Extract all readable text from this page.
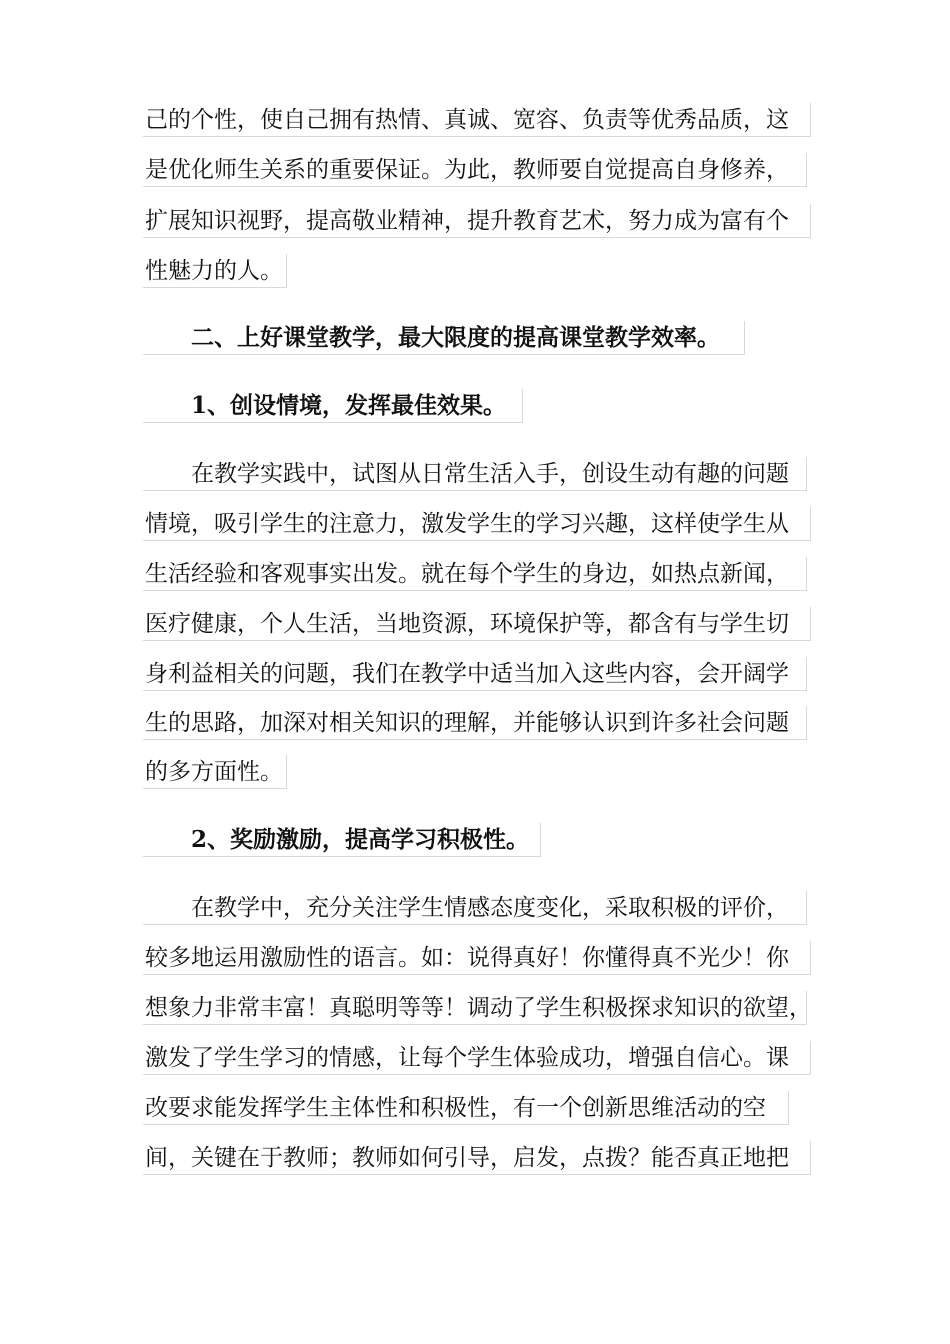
己的个性，使自己拥有热情、真诚、宽容、负责等优秀品质，这
是优化师生关系的重要保证。为此，教师要自觉提高自身修养，
扩展知识视野，提高敬业精神，提升教育艺术，努力成为富有个
性魅力的人。
　　二、上好课堂教学，最大限度的提高课堂教学效率。
　　1、创设情境，发挥最佳效果。
　　在教学实践中，试图从日常生活入手，创设生动有趣的问题
情境，吸引学生的注意力，激发学生的学习兴趣，这样使学生从
生活经验和客观事实出发。就在每个学生的身边，如热点新闻，
医疗健康，个人生活，当地资源，环境保护等，都含有与学生切
身利益相关的问题，我们在教学中适当加入这些内容，会开阔学
生的思路，加深对相关知识的理解，并能够认识到许多社会问题
的多方面性。
　　2、奖励激励，提高学习积极性。
　　在教学中，充分关注学生情感态度变化，采取积极的评价，
较多地运用激励性的语言。如：说得真好！你懂得真不光少！你
想象力非常丰富！真聪明等等！调动了学生积极探求知识的欲望，
激发了学生学习的情感，让每个学生体验成功，增强自信心。课
改要求能发挥学生主体性和积极性，有一个创新思维活动的空
间，关键在于教师；教师如何引导，启发，点拨？能否真正地把
